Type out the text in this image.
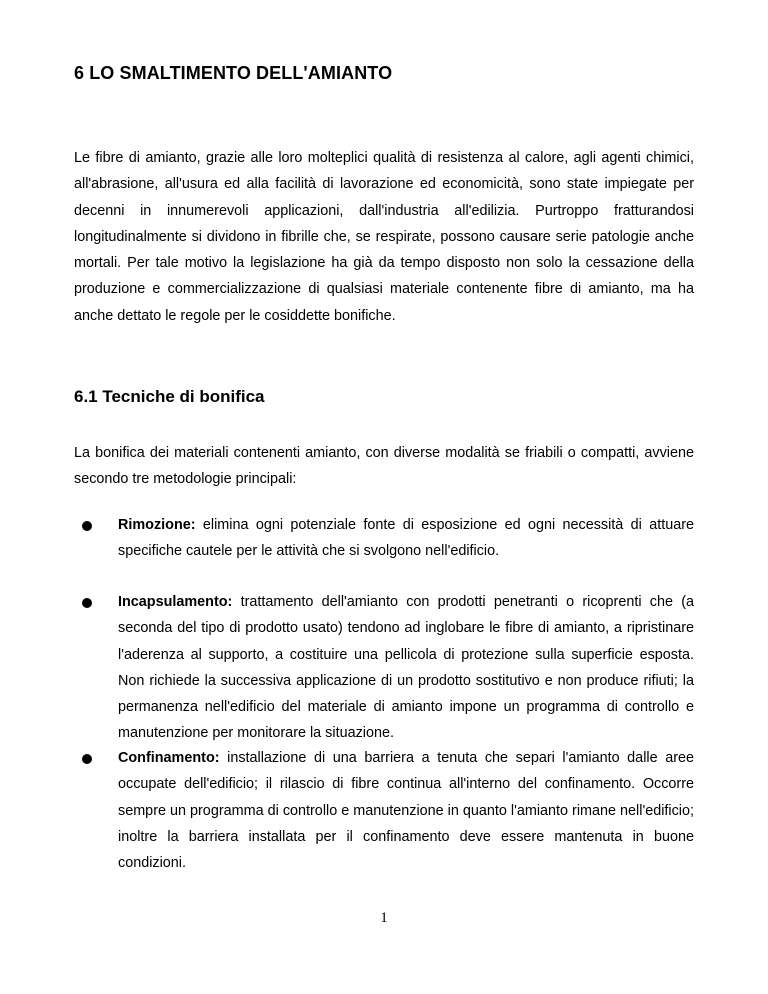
6 LO SMALTIMENTO DELL'AMIANTO

Le fibre di amianto, grazie alle loro molteplici qualità di resistenza al calore, agli agenti chimici, all'abrasione, all'usura ed alla facilità di lavorazione ed economicità, sono state impiegate per decenni in innumerevoli applicazioni, dall'industria all'edilizia. Purtroppo fratturandosi longitudinalmente si dividono in fibrille che, se respirate, possono causare serie patologie anche mortali. Per tale motivo la legislazione ha già da tempo disposto non solo la cessazione della produzione e commercializzazione di qualsiasi materiale contenente fibre di amianto, ma ha anche dettato le regole per le cosiddette bonifiche.

6.1 Tecniche di bonifica

La bonifica dei materiali contenenti amianto, con diverse modalità se friabili o compatti, avviene secondo tre metodologie principali:

Rimozione: elimina ogni potenziale fonte di esposizione ed ogni necessità di attuare specifiche cautele per le attività che si svolgono nell'edificio.
Incapsulamento: trattamento dell'amianto con prodotti penetranti o ricoprenti che (a seconda del tipo di prodotto usato) tendono ad inglobare le fibre di amianto, a ripristinare l'aderenza al supporto, a costituire una pellicola di protezione sulla superficie esposta. Non richiede la successiva applicazione di un prodotto sostitutivo e non produce rifiuti; la permanenza nell'edificio del materiale di amianto impone un programma di controllo e manutenzione per monitorare la situazione.
Confinamento: installazione di una barriera a tenuta che separi l'amianto dalle aree occupate dell'edificio; il rilascio di fibre continua all'interno del confinamento. Occorre sempre un programma di controllo e manutenzione in quanto l'amianto rimane nell'edificio; inoltre la barriera installata per il confinamento deve essere mantenuta in buone condizioni.
1
